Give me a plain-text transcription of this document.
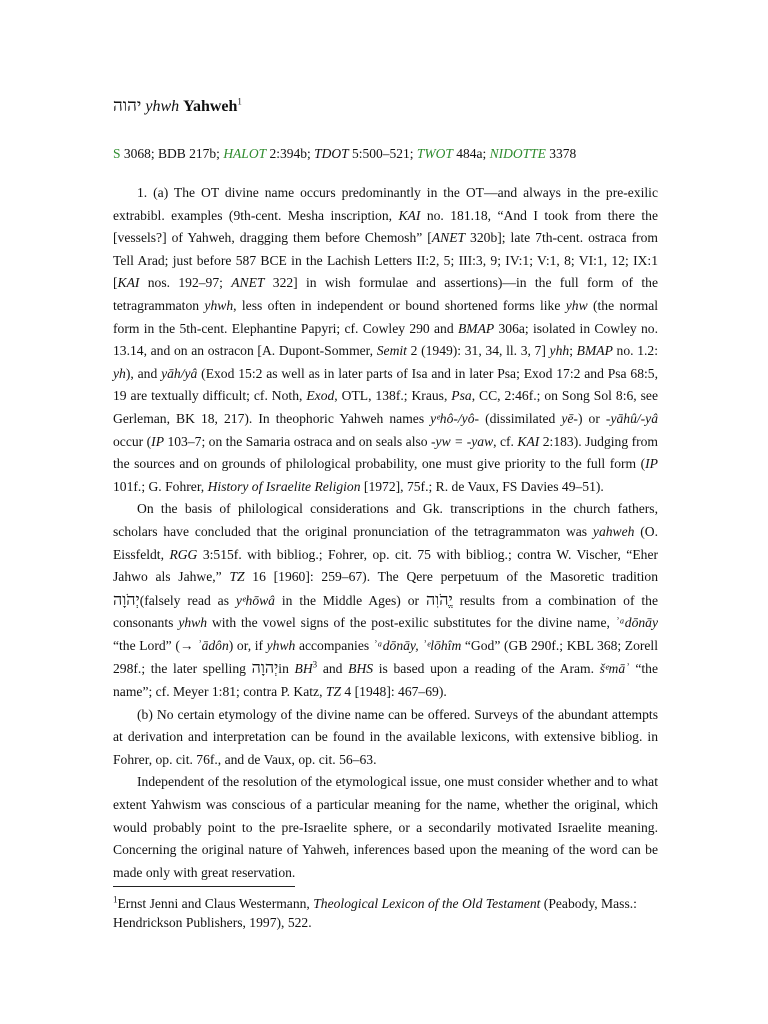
יהוה yhwh Yahweh$^1$
S 3068; BDB 217b; HALOT 2:394b; TDOT 5:500–521; TWOT 484a; NIDOTTE 3378

1. (a) The OT divine name occurs predominantly in the OT—and always in the pre-exilic extrabibl. examples (9th-cent. Mesha inscription, KAI no. 181.18, “And I took from there the [vessels?] of Yahweh, dragging them before Chemosh” [ANET 320b]; late 7th-cent. ostraca from Tell Arad; just before 587 BCE in the Lachish Letters II:2, 5; III:3, 9; IV:1; V:1, 8; VI:1, 12; IX:1 [KAI nos. 192–97; ANET 322] in wish formulae and assertions)—in the full form of the tetragrammaton yhwh, less often in independent or bound shortened forms like yhw (the normal form in the 5th-cent. Elephantine Papyri; cf. Cowley 290 and BMAP 306a; isolated in Cowley no. 13.14, and on an ostracon [A. Dupont-Sommer, Semit 2 (1949): 31, 34, ll. 3, 7] yhh; BMAP no. 1.2: yh), and yāh/yâ (Exod 15:2 as well as in later parts of Isa and in later Psa; Exod 17:2 and Psa 68:5, 19 are textually difficult; cf. Noth, Exod, OTL, 138f.; Kraus, Psa, CC, 2:46f.; on Song Sol 8:6, see Gerleman, BK 18, 217). In theophoric Yahweh names yᵉhô-/yô- (dissimilated yē-) or -yāhû/-yâ occur (IP 103–7; on the Samaria ostraca and on seals also -yw = -yaw, cf. KAI 2:183). Judging from the sources and on grounds of philological probability, one must give priority to the full form (IP 101f.; G. Fohrer, History of Israelite Religion [1972], 75f.; R. de Vaux, FS Davies 49–51).

On the basis of philological considerations and Gk. transcriptions in the church fathers, scholars have concluded that the original pronunciation of the tetragrammaton was yahweh (O. Eissfeldt, RGG 3:515f. with bibliog.; Fohrer, op. cit. 75 with bibliog.; contra W. Vischer, “Eher Jahwo als Jahwe,” TZ 16 [1960]: 259–67). The Qere perpetuum of the Masoretic tradition יְהֹוָה(falsely read as yᵉhōwâ in the Middle Ages) or יֱהֹוִה results from a combination of the consonants yhwh with the vowel signs of the post-exilic substitutes for the divine name, ʾᵃdōnāy “the Lord” (→ ʾādôn) or, if yhwh accompanies ʾᵃdōnāy, ʾᵉlōhîm “God” (GB 290f.; KBL 368; Zorell 298f.; the later spelling יְהוָהin $BH^3$ and BHS is based upon a reading of the Aram. šᵉmāʾ “the name”; cf. Meyer 1:81; contra P. Katz, TZ 4 [1948]: 467–69).

(b) No certain etymology of the divine name can be offered. Surveys of the abundant attempts at derivation and interpretation can be found in the available lexicons, with extensive bibliog. in Fohrer, op. cit. 76f., and de Vaux, op. cit. 56–63.

Independent of the resolution of the etymological issue, one must consider whether and to what extent Yahwism was conscious of a particular meaning for the name, whether the original, which would probably point to the pre-Israelite sphere, or a secondarily motivated Israelite meaning. Concerning the original nature of Yahweh, inferences based upon the meaning of the word can be made only with great reservation.

$^1$Ernst Jenni and Claus Westermann, Theological Lexicon of the Old Testament (Peabody, Mass.: Hendrickson Publishers, 1997), 522.
